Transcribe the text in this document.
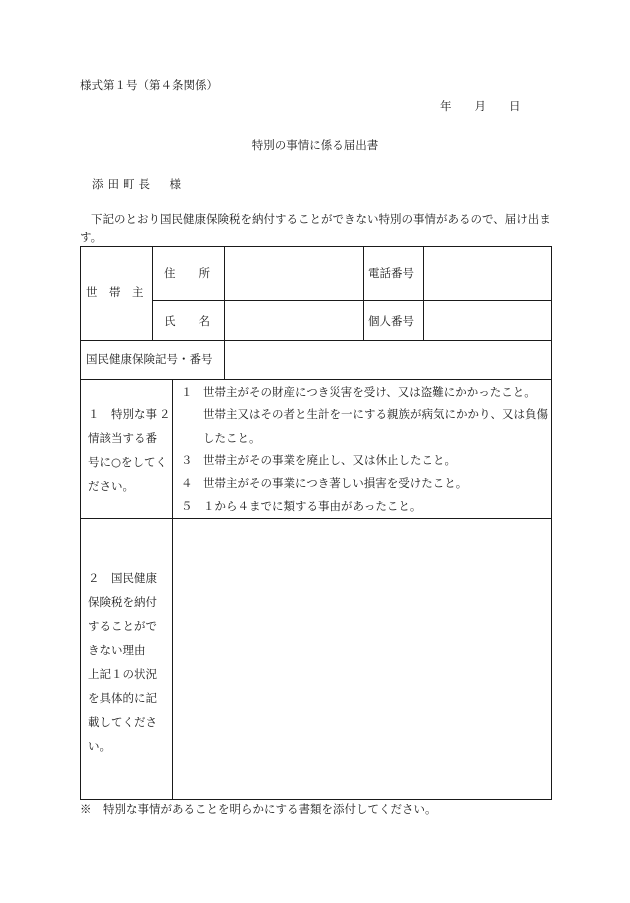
様式第１号（第４条関係）
年　　月　　日
特別の事情に係る届出書
添田町長　様
下記のとおり国民健康保険税を納付することができない特別の事情があるので、届け出ます。
世　帯　主
住　　所	電話番号
氏　　名	個人番号
国民健康保険記号・番号
１　特別な事情該当する番号に○をしてください。
１ 世帯主がその財産につき災害を受け、又は盗難にかかったこと。
２	世帯主又はその者と生計を一にする親族が病気にかかり、又は負傷したこと。
３ 世帯主がその事業を廃止し、又は休止したこと。
４ 世帯主がその事業につき著しい損害を受けたこと。
５ １から４までに類する事由があったこと。
２　国民健康保険税を納付することができない理由
上記１の状況を具体的に記載してください。
※　特別な事情があることを明らかにする書類を添付してください。
